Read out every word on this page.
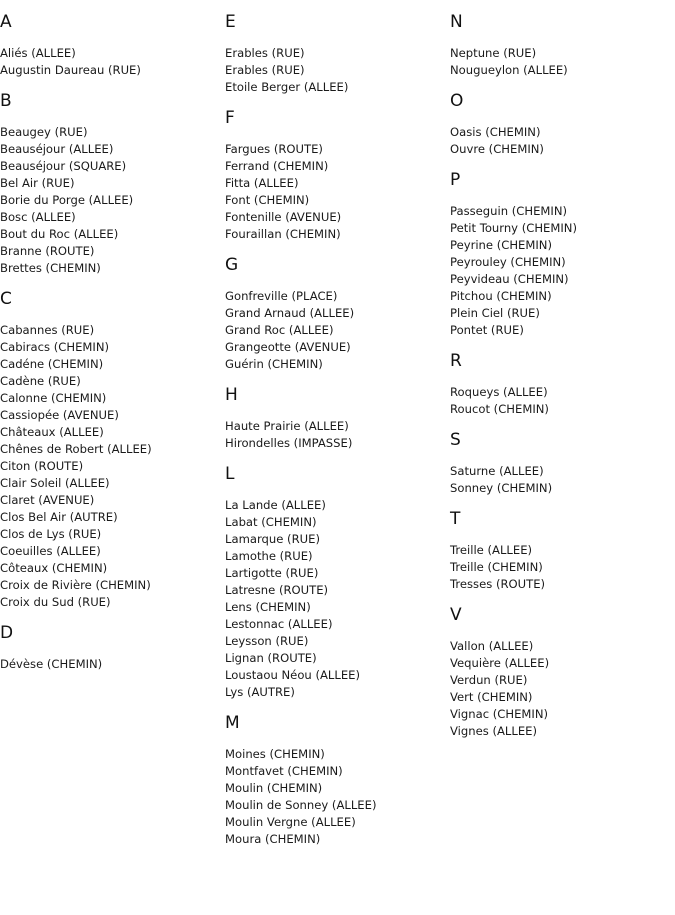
A
Aliés (ALLEE)
Augustin Daureau (RUE)
B
Beaugey (RUE)
Beauséjour (ALLEE)
Beauséjour (SQUARE)
Bel Air (RUE)
Borie du Porge (ALLEE)
Bosc (ALLEE)
Bout du Roc (ALLEE)
Branne (ROUTE)
Brettes (CHEMIN)
C
Cabannes (RUE)
Cabiracs (CHEMIN)
Cadéne (CHEMIN)
Cadène (RUE)
Calonne (CHEMIN)
Cassiopée (AVENUE)
Châteaux (ALLEE)
Chênes de Robert (ALLEE)
Citon (ROUTE)
Clair Soleil (ALLEE)
Claret (AVENUE)
Clos Bel Air (AUTRE)
Clos de Lys (RUE)
Coeuilles (ALLEE)
Côteaux (CHEMIN)
Croix de Rivière (CHEMIN)
Croix du Sud (RUE)
D
Dévèse (CHEMIN)
E
Erables (RUE)
Erables (RUE)
Etoile Berger (ALLEE)
F
Fargues (ROUTE)
Ferrand (CHEMIN)
Fitta (ALLEE)
Font (CHEMIN)
Fontenille (AVENUE)
Fouraillan (CHEMIN)
G
Gonfreville (PLACE)
Grand Arnaud (ALLEE)
Grand Roc (ALLEE)
Grangeotte (AVENUE)
Guérin (CHEMIN)
H
Haute Prairie (ALLEE)
Hirondelles (IMPASSE)
L
La Lande (ALLEE)
Labat (CHEMIN)
Lamarque (RUE)
Lamothe (RUE)
Lartigotte (RUE)
Latresne (ROUTE)
Lens (CHEMIN)
Lestonnac (ALLEE)
Leysson (RUE)
Lignan (ROUTE)
Loustaou Néou (ALLEE)
Lys (AUTRE)
M
Moines (CHEMIN)
Montfavet (CHEMIN)
Moulin (CHEMIN)
Moulin de Sonney (ALLEE)
Moulin Vergne (ALLEE)
Moura (CHEMIN)
N
Neptune (RUE)
Nougueylon (ALLEE)
O
Oasis (CHEMIN)
Ouvre (CHEMIN)
P
Passeguin (CHEMIN)
Petit Tourny (CHEMIN)
Peyrine (CHEMIN)
Peyrouley (CHEMIN)
Peyvideau (CHEMIN)
Pitchou (CHEMIN)
Plein Ciel (RUE)
Pontet (RUE)
R
Roqueys (ALLEE)
Roucot (CHEMIN)
S
Saturne (ALLEE)
Sonney (CHEMIN)
T
Treille (ALLEE)
Treille (CHEMIN)
Tresses (ROUTE)
V
Vallon (ALLEE)
Vequière (ALLEE)
Verdun (RUE)
Vert (CHEMIN)
Vignac (CHEMIN)
Vignes (ALLEE)
